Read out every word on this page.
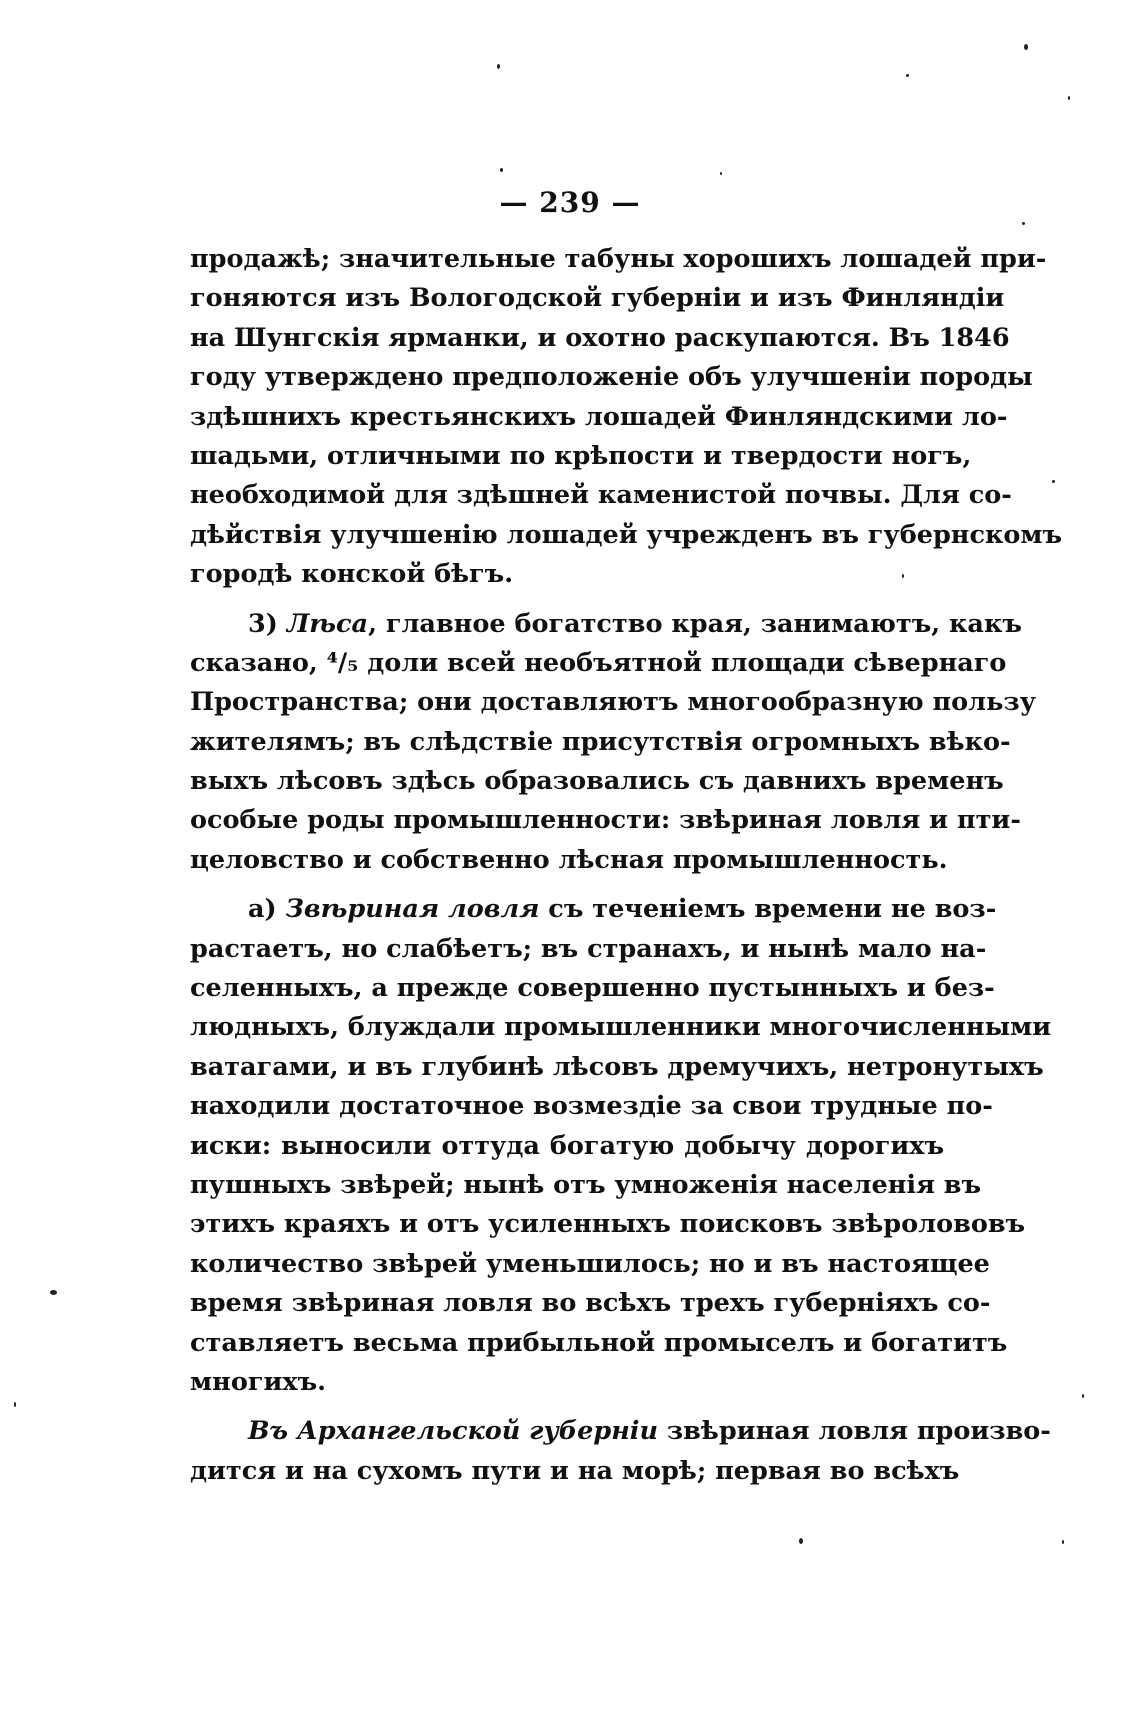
— 239 —
продажѣ; значительные табуны хорошихъ лошадей при-
гоняются изъ Вологодской губерніи и изъ Финляндіи
на Шунгскія ярманки, и охотно раскупаются. Въ 1846
году утверждено предположеніе объ улучшеніи породы
здѣшнихъ крестьянскихъ лошадей Финляндскими ло-
шадьми, отличными по крѣпости и твердости ногъ,
необходимой для здѣшней каменистой почвы. Для со-
дѣйствія улучшенію лошадей учрежденъ въ губернскомъ
городѣ конской бѣгъ.
3) Лѣса, главное богатство края, занимаютъ, какъ
сказано, ⁴/₅ доли всей необъятной площади сѣвернаго
Пространства; они доставляютъ многообразную пользу
жителямъ; въ слѣдствіе присутствія огромныхъ вѣко-
выхъ лѣсовъ здѣсь образовались съ давнихъ временъ
особые роды промышленности: звѣриная ловля и пти-
целовство и собственно лѣсная промышленность.
а) Звѣриная ловля съ теченіемъ времени не воз-
растаетъ, но слабѣетъ; въ странахъ, и нынѣ мало на-
селенныхъ, а прежде совершенно пустынныхъ и без-
людныхъ, блуждали промышленники многочисленными
ватагами, и въ глубинѣ лѣсовъ дремучихъ, нетронутыхъ
находили достаточное возмездіе за свои трудные по-
иски: выносили оттуда богатую добычу дорогихъ
пушныхъ звѣрей; нынѣ отъ умноженія населенія въ
этихъ краяхъ и отъ усиленныхъ поисковъ звѣролововъ
количество звѣрей уменьшилось; но и въ настоящее
время звѣриная ловля во всѣхъ трехъ губерніяхъ со-
ставляетъ весьма прибыльной промыселъ и богатитъ
многихъ.
Въ Архангельской губерніи звѣриная ловля произво-
дится и на сухомъ пути и на морѣ; первая во всѣхъ
